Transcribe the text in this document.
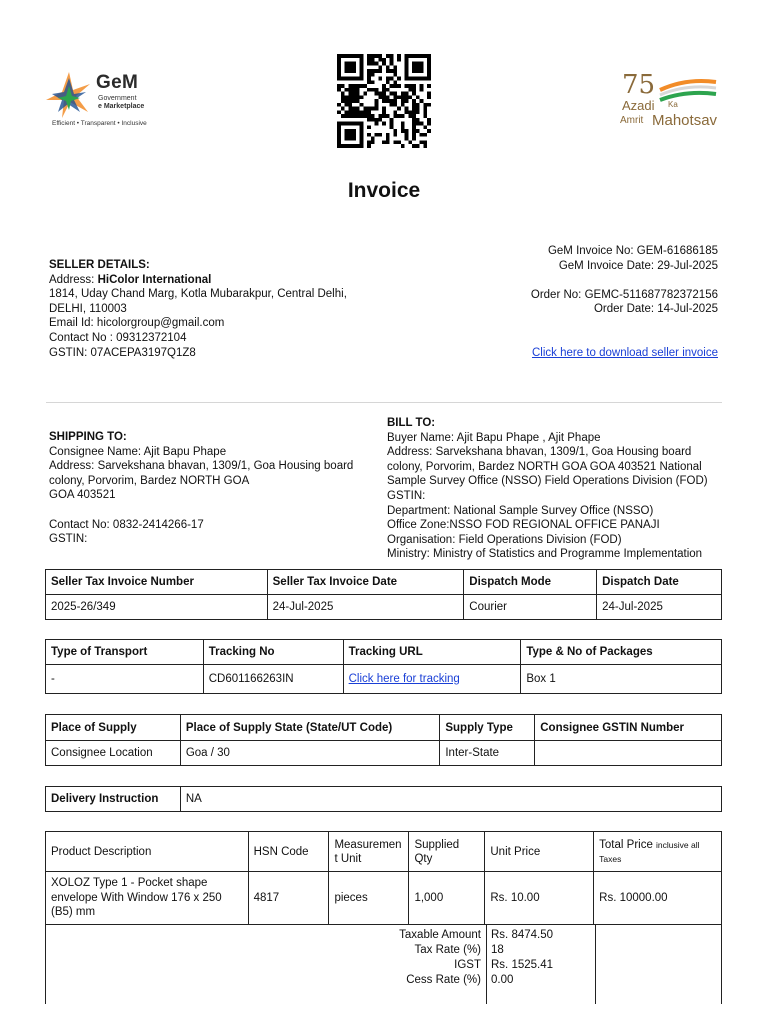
GeM
Government
e Marketplace
Efficient • Transparent • Inclusive
75
Azadi Ka
Amrit Mahotsav
Invoice
SELLER DETAILS:
Address: HiColor International
1814, Uday Chand Marg, Kotla Mubarakpur, Central Delhi,
DELHI, 110003
Email Id: hicolorgroup@gmail.com
Contact No : 09312372104
GSTIN: 07ACEPA3197Q1Z8
GeM Invoice No: GEM-61686185
GeM Invoice Date: 29-Jul-2025
Order No: GEMC-511687782372156
Order Date: 14-Jul-2025
Click here to download seller invoice
SHIPPING TO:
Consignee Name: Ajit Bapu Phape
Address: Sarvekshana bhavan, 1309/1, Goa Housing board
colony, Porvorim, Bardez NORTH GOA
GOA 403521
Contact No: 0832-2414266-17
GSTIN:
BILL TO:
Buyer Name: Ajit Bapu Phape , Ajit Phape
Address: Sarvekshana bhavan, 1309/1, Goa Housing board
colony, Porvorim, Bardez NORTH GOA GOA 403521 National
Sample Survey Office (NSSO) Field Operations Division (FOD)
GSTIN:
Department: National Sample Survey Office (NSSO)
Office Zone:NSSO FOD REGIONAL OFFICE PANAJI
Organisation: Field Operations Division (FOD)
Ministry: Ministry of Statistics and Programme Implementation
Seller Tax Invoice Number	Seller Tax Invoice Date	Dispatch Mode	Dispatch Date
2025-26/349	24-Jul-2025	Courier	24-Jul-2025
Type of Transport	Tracking No	Tracking URL	Type & No of Packages
-	CD601166263IN	Click here for tracking	Box 1
Place of Supply	Place of Supply State (State/UT Code)	Supply Type	Consignee GSTIN Number
Consignee Location	Goa / 30	Inter-State	
Delivery Instruction	NA
Product Description	HSN Code	Measuremen t Unit	Supplied Qty	Unit Price	Total Price inclusive all Taxes
XOLOZ Type 1 - Pocket shape envelope With Window 176 x 250 (B5) mm	4817	pieces	1,000	Rs. 10.00	Rs. 10000.00
Taxable Amount Rs. 8474.50
Tax Rate (%) 18
IGST Rs. 1525.41
Cess Rate (%) 0.00
